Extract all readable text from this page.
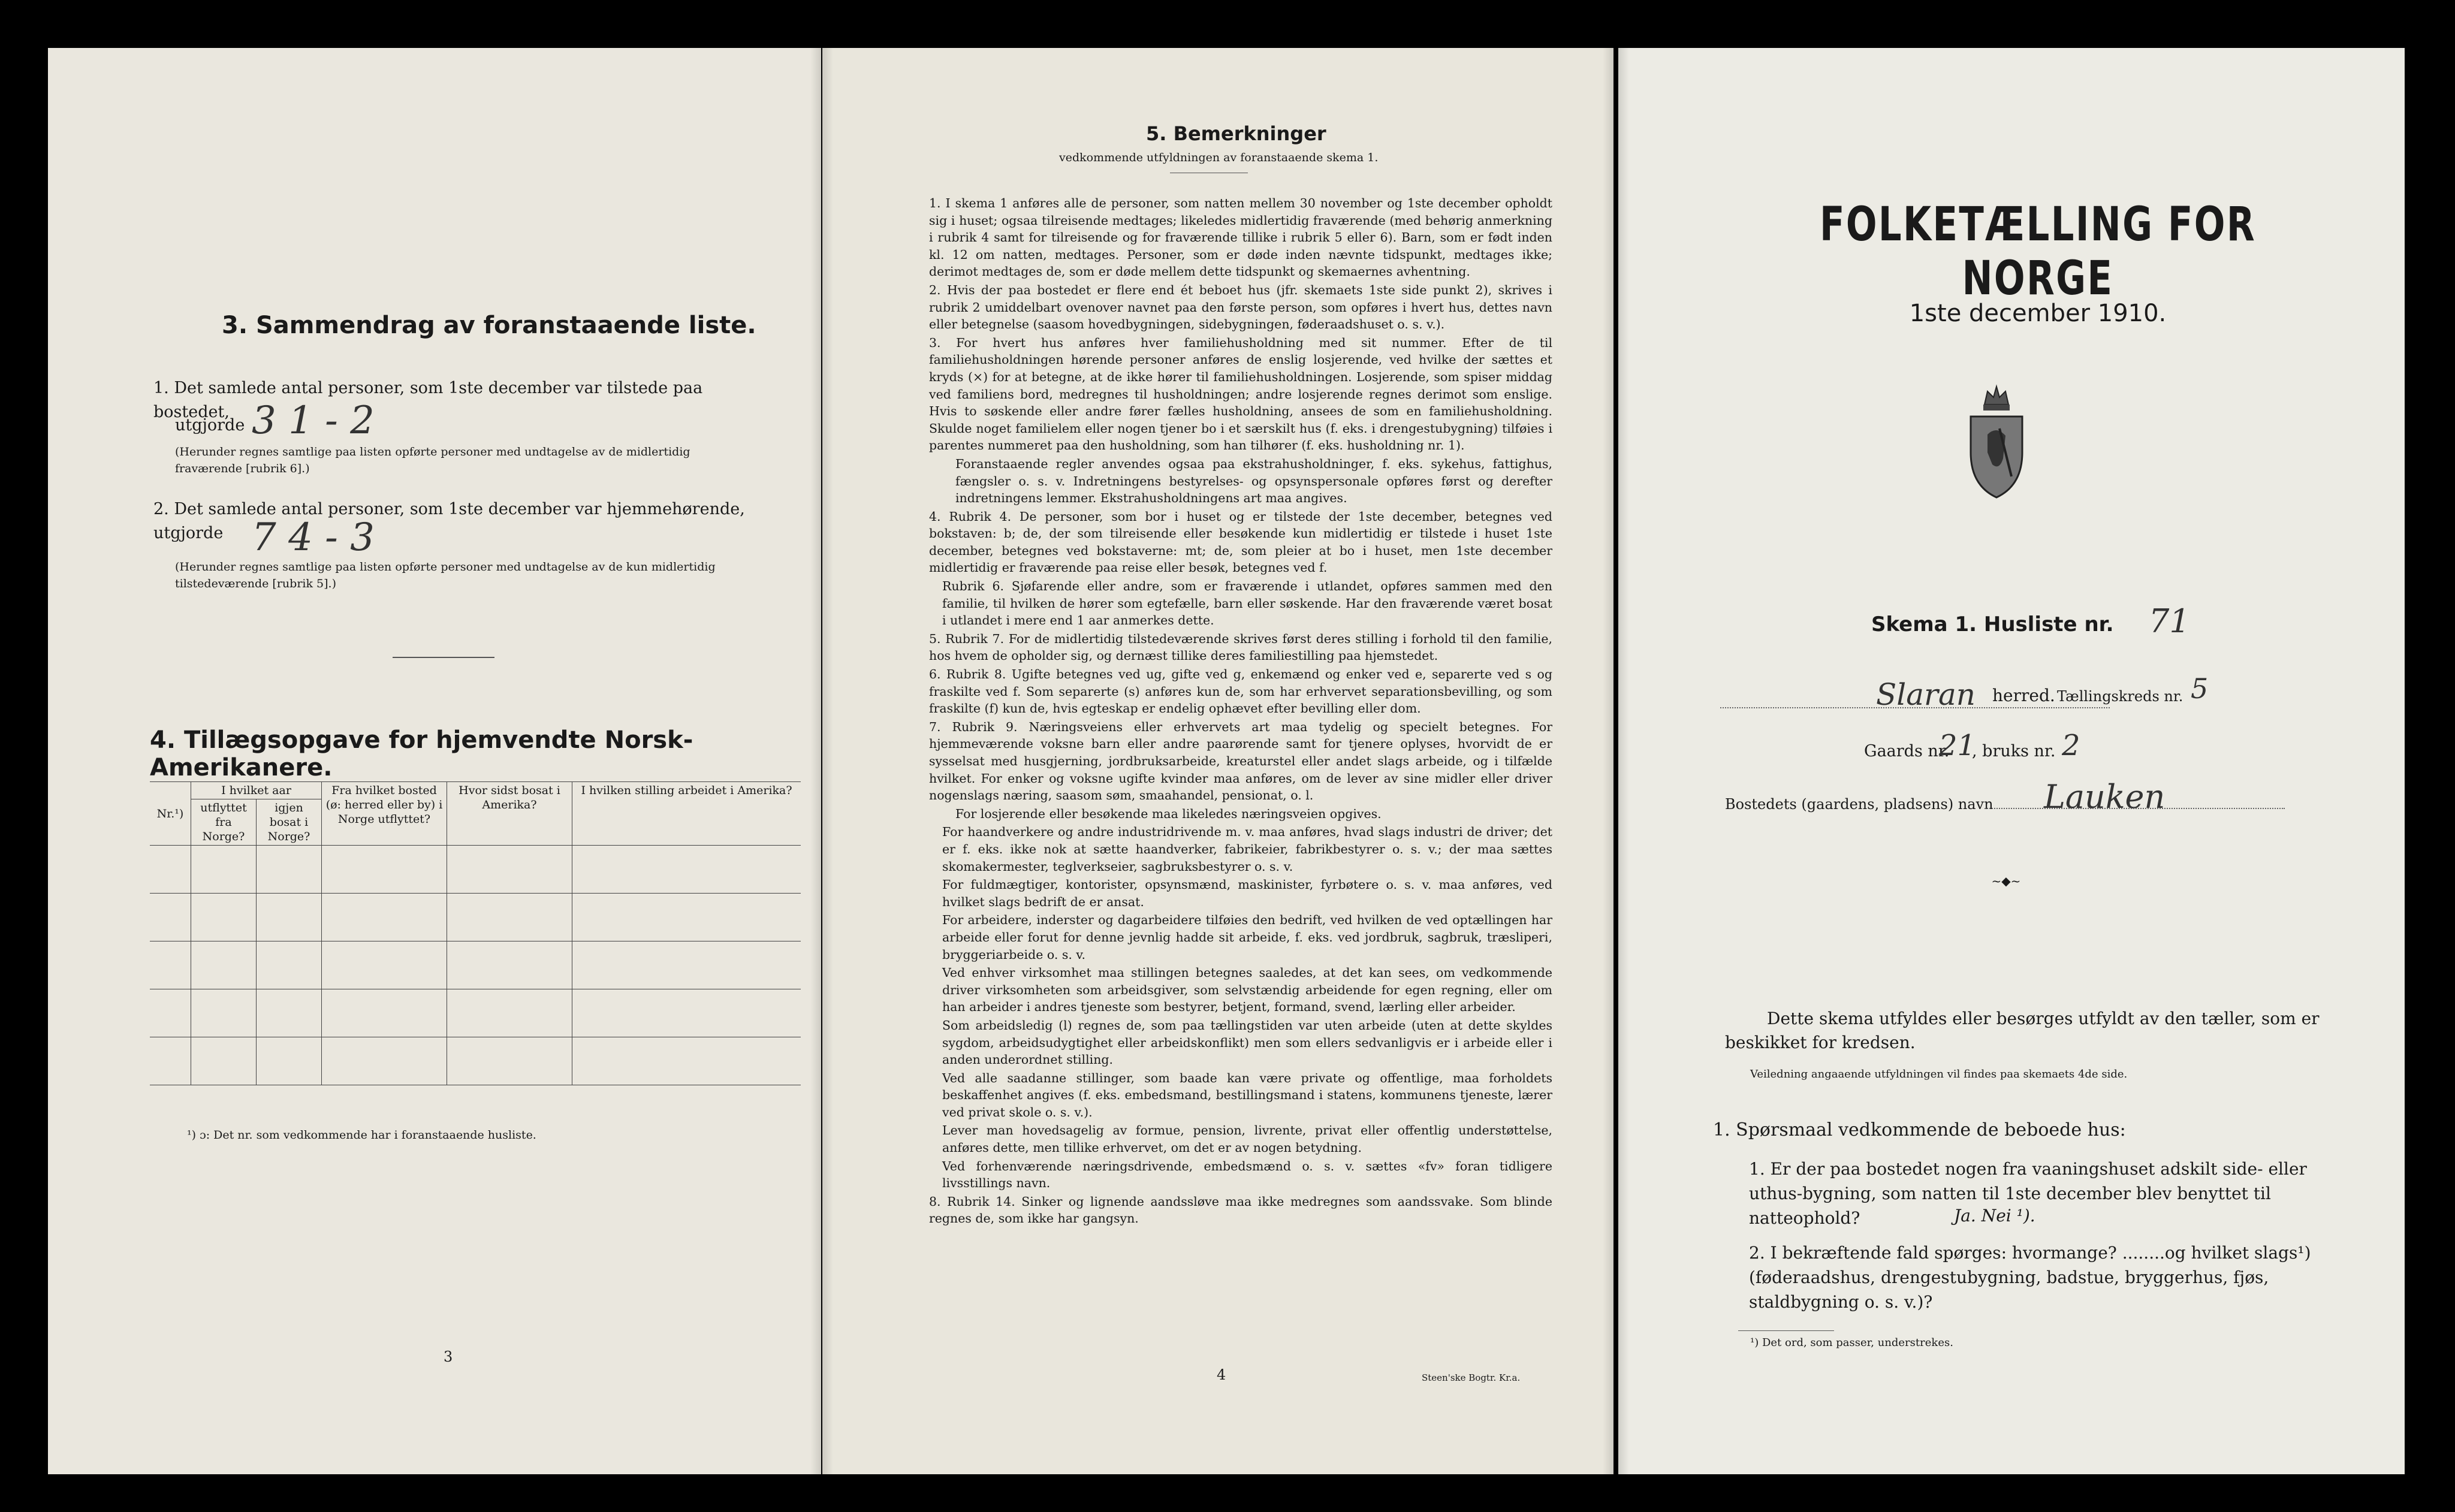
3. Sammendrag av foranstaaende liste.
1. Det samlede antal personer, som 1ste december var tilstede paa bostedet,
utgjorde 3 1 - 2
(Herunder regnes samtlige paa listen opførte personer med undtagelse av de midlertidig fraværende [rubrik 6].)
2. Det samlede antal personer, som 1ste december var hjemmehørende, utgjorde 7 4 - 3
(Herunder regnes samtlige paa listen opførte personer med undtagelse av de kun midlertidig tilstedeværende [rubrik 5].)
4. Tillægsopgave for hjemvendte Norsk-Amerikanere.
Nr.¹)	I hvilket aar		Fra hvilket bosted (ø: herred eller by) i Norge utflyttet?	Hvor sidst bosat i Amerika?	I hvilken stilling arbeidet i Amerika?
	utflyttet fra Norge?	igjen bosat i Norge?			

¹) ɔ: Det nr. som vedkommende har i foranstaaende husliste.
3
5. Bemerkninger
vedkommende utfyldningen av foranstaaende skema 1.

1. I skema 1 anføres alle de personer, som natten mellem 30 november og 1ste december opholdt sig i huset; ogsaa tilreisende medtages; likeledes midlertidig fraværende (med behørig anmerkning i rubrik 4 samt for tilreisende og for fraværende tillike i rubrik 5 eller 6). Barn, som er født inden kl. 12 om natten, medtages. Personer, som er døde inden nævnte tidspunkt, medtages ikke; derimot medtages de, som er døde mellem dette tidspunkt og skemaernes avhentning.

2. Hvis der paa bostedet er flere end ét beboet hus (jfr. skemaets 1ste side punkt 2), skrives i rubrik 2 umiddelbart ovenover navnet paa den første person, som opføres i hvert hus, dettes navn eller betegnelse (saasom hovedbygningen, sidebygningen, føderaadshuset o. s. v.).

3. For hvert hus anføres hver familiehusholdning med sit nummer. Efter de til familiehusholdningen hørende personer anføres de enslig losjerende, ved hvilke der sættes et kryds (×) for at betegne, at de ikke hører til familiehusholdningen. Losjerende, som spiser middag ved familiens bord, medregnes til husholdningen; andre losjerende regnes derimot som enslige. Hvis to søskende eller andre fører fælles husholdning, ansees de som en familiehusholdning. Skulde noget familielem eller nogen tjener bo i et særskilt hus (f. eks. i drengestubygning) tilføies i parentes nummeret paa den husholdning, som han tilhører (f. eks. husholdning nr. 1).

Foranstaaende regler anvendes ogsaa paa ekstrahusholdninger, f. eks. sykehus, fattighus, fængsler o. s. v. Indretningens bestyrelses- og opsynspersonale opføres først og derefter indretningens lemmer. Ekstrahusholdningens art maa angives.

4. Rubrik 4. De personer, som bor i huset og er tilstede der 1ste december, betegnes ved bokstaven: b; de, der som tilreisende eller besøkende kun midlertidig er tilstede i huset 1ste december, betegnes ved bokstaverne: mt; de, som pleier at bo i huset, men 1ste december midlertidig er fraværende paa reise eller besøk, betegnes ved f.

Rubrik 6. Sjøfarende eller andre, som er fraværende i utlandet, opføres sammen med den familie, til hvilken de hører som egtefælle, barn eller søskende. Har den fraværende været bosat i utlandet i mere end 1 aar anmerkes dette.

5. Rubrik 7. For de midlertidig tilstedeværende skrives først deres stilling i forhold til den familie, hos hvem de opholder sig, og dernæst tillike deres familiestilling paa hjemstedet.

6. Rubrik 8. Ugifte betegnes ved ug, gifte ved g, enkemænd og enker ved e, separerte ved s og fraskilte ved f. Som separerte (s) anføres kun de, som har erhvervet separationsbevilling, og som fraskilte (f) kun de, hvis egteskap er endelig ophævet efter bevilling eller dom.

7. Rubrik 9. Næringsveiens eller erhvervets art maa tydelig og specielt betegnes. For hjemmeværende voksne barn eller andre paarørende samt for tjenere oplyses, hvorvidt de er sysselsat med husgjerning, jordbruksarbeide, kreaturstel eller andet slags arbeide, og i tilfælde hvilket. For enker og voksne ugifte kvinder maa anføres, om de lever av sine midler eller driver nogenslags næring, saasom søm, smaahandel, pensionat, o. l.

For losjerende eller besøkende maa likeledes næringsveien opgives.

For haandverkere og andre industridrivende m. v. maa anføres, hvad slags industri de driver; det er f. eks. ikke nok at sætte haandverker, fabrikeier, fabrikbestyrer o. s. v.; der maa sættes skomakermester, teglverkseier, sagbruksbestyrer o. s. v.

For fuldmægtiger, kontorister, opsynsmænd, maskinister, fyrbøtere o. s. v. maa anføres, ved hvilket slags bedrift de er ansat.

For arbeidere, inderster og dagarbeidere tilføies den bedrift, ved hvilken de ved optællingen har arbeide eller forut for denne jevnlig hadde sit arbeide, f. eks. ved jordbruk, sagbruk, træsliperi, bryggeriarbeide o. s. v.

Ved enhver virksomhet maa stillingen betegnes saaledes, at det kan sees, om vedkommende driver virksomheten som arbeidsgiver, som selvstændig arbeidende for egen regning, eller om han arbeider i andres tjeneste som bestyrer, betjent, formand, svend, lærling eller arbeider.

Som arbeidsledig (l) regnes de, som paa tællingstiden var uten arbeide (uten at dette skyldes sygdom, arbeidsudygtighet eller arbeidskonflikt) men som ellers sedvanligvis er i arbeide eller i anden underordnet stilling.

Ved alle saadanne stillinger, som baade kan være private og offentlige, maa forholdets beskaffenhet angives (f. eks. embedsmand, bestillingsmand i statens, kommunens tjeneste, lærer ved privat skole o. s. v.).

Lever man hovedsagelig av formue, pension, livrente, privat eller offentlig understøttelse, anføres dette, men tillike erhvervet, om det er av nogen betydning.

Ved forhenværende næringsdrivende, embedsmænd o. s. v. sættes «fv» foran tidligere livsstillings navn.

8. Rubrik 14. Sinker og lignende aandssløve maa ikke medregnes som aandssvake. Som blinde regnes de, som ikke har gangsyn.

4	Steen'ske Bogtr. Kr.a.
FOLKETÆLLING FOR NORGE
1ste december 1910.
Skema 1. Husliste nr. 71
Slaran herred. Tællingskreds nr. 5
Gaards nr.
21
, bruks nr. 2
Bostedets (gaardens, pladsens) navn Lauken
~◆~
Dette skema utfyldes eller besørges utfyldt av den tæller, som er beskikket for kredsen.
Veiledning angaaende utfyldningen vil findes paa skemaets 4de side.
1. Spørsmaal vedkommende de beboede hus:
1. Er der paa bostedet nogen fra vaaningshuset adskilt side- eller uthus-bygning, som natten til 1ste december blev benyttet til natteophold?	Ja. Nei ¹).
2. I bekræftende fald spørges: hvormange? ........og hvilket slags¹) (føderaadshus, drengestubygning, badstue, bryggerhus, fjøs, staldbygning o. s. v.)?
¹) Det ord, som passer, understrekes.
